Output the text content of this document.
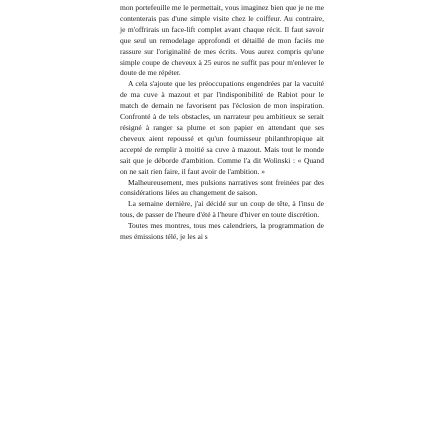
mon portefeuille me le permettait, vous imaginez bien que je ne me contenterais pas d'une simple visite chez le coiffeur. Au contraire, je m'offrirais un face-lift complet avant chaque récit. Il faut savoir que seul un remodelage approfondi et détaillé de mon faciès me rassure sur l'originalité de mes écrits. Vous aurez compris qu'une simple coupe de cheveux à 25 euros ne suffit pas pour m'enlever le doute de me répéter.

A cela s'ajoute que les préoccupations engendrées par la vacuité de ma cuve à mazout et par l'indisponibilité de Rabiot pour le match de demain ne favorisent pas l'éclosion de mon inspiration. Confronté à de tels obstacles, un narrateur peu ambitieux se serait résigné à ranger sa plume et son papier en attendant que ses cheveux aient repoussé et qu'un fournisseur philanthropique ait accepté de remplir à moitié sa cuve à mazout. Mais tout le monde sait que je déborde d'ambition. Comme l'a dit Wolinski : « Quand on ne sait rien faire, il faut avoir de l'ambition. »

Malheureusement, mes pulsions narratives sont freinées par des considérations liées au changement de saison.

La semaine dernière, j'ai décidé sur un coup de tête, à l'insu de tous, de passer de l'heure d'été à l'heure d'hiver en toute discrétion.

Toutes mes montres, tous mes calendriers, la programmation de mes émissions télé, je les ai s
